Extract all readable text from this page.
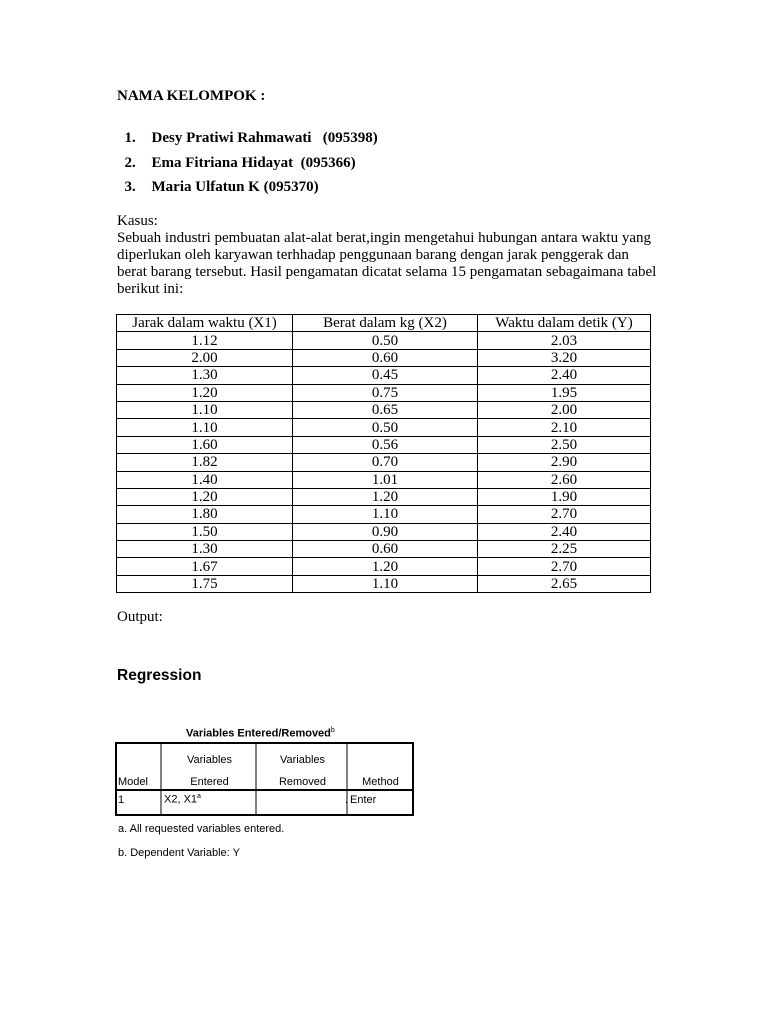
NAMA KELOMPOK :

1. Desy Pratiwi Rahmawati   (095398)

2. Ema Fitriana Hidayat  (095366)

3. Maria Ulfatun K (095370)

Kasus:

Sebuah industri pembuatan alat-alat berat,ingin mengetahui hubungan antara waktu yang diperlukan oleh karyawan terhhadap penggunaan barang dengan jarak penggerak dan berat barang tersebut. Hasil pengamatan dicatat selama 15 pengamatan sebagaimana tabel berikut ini:

Jarak dalam waktu (X1)	Berat dalam kg (X2)	Waktu dalam detik (Y)
1.12	0.50	2.03
2.00	0.60	3.20
1.30	0.45	2.40
1.20	0.75	1.95
1.10	0.65	2.00
1.10	0.50	2.10
1.60	0.56	2.50
1.82	0.70	2.90
1.40	1.01	2.60
1.20	1.20	1.90
1.80	1.10	2.70
1.50	0.90	2.40
1.30	0.60	2.25
1.67	1.20	2.70
1.75	1.10	2.65
Output:
Regression
Variables Entered/Removed$^b$
	Variables	Variables	
Model	Entered	Removed	Method
1	X2, X1$^a$	.	Enter
a. All requested variables entered.
b. Dependent Variable: Y
